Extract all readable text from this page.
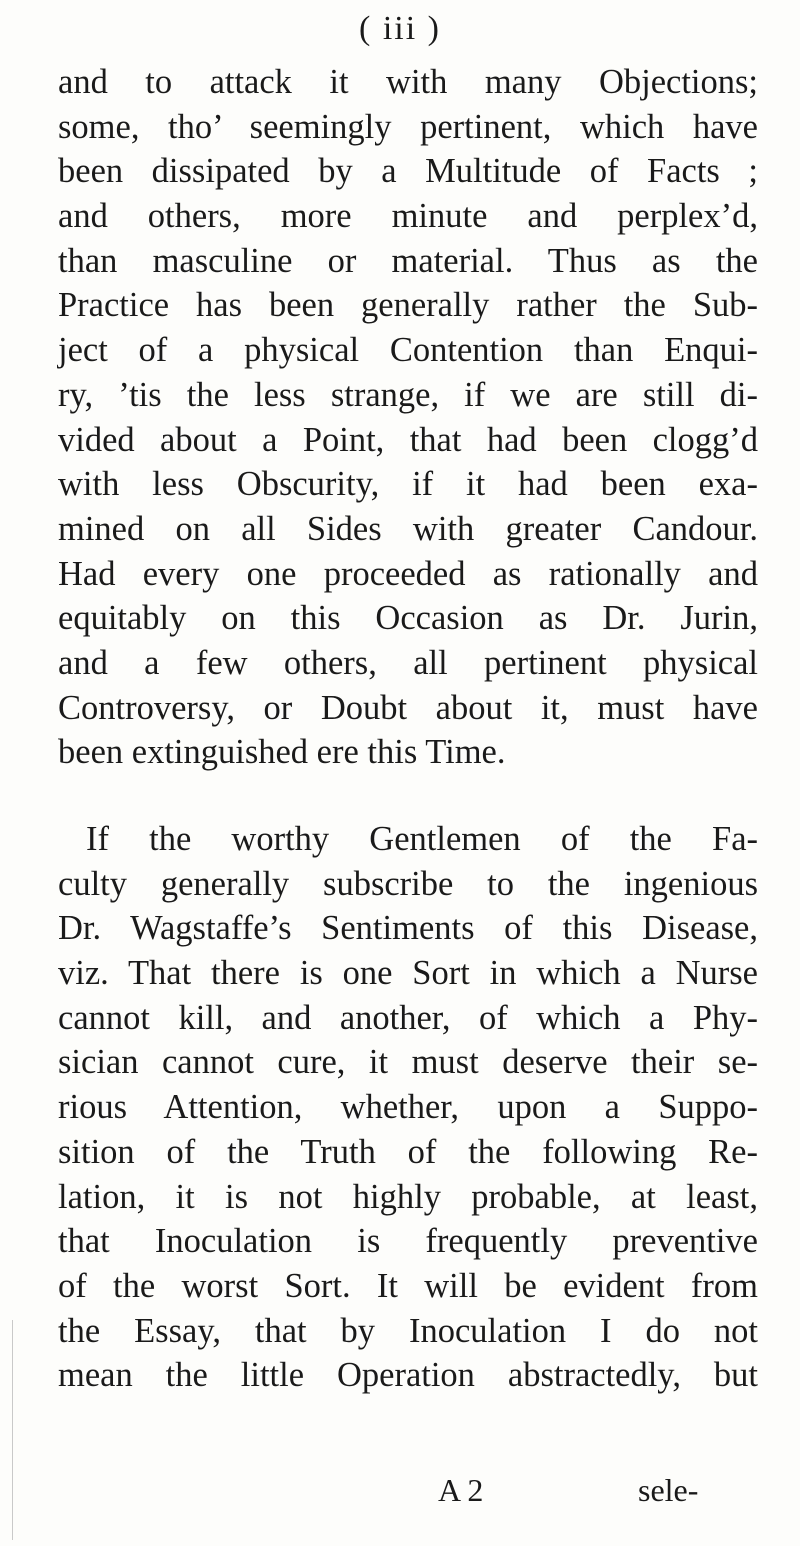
( iii )
and to attack it with many Objections;
some, tho’ seemingly pertinent, which have
been dissipated by a Multitude of Facts ;
and others, more minute and perplex’d,
than masculine or material. Thus as the
Practice has been generally rather the Sub-
ject of a physical Contention than Enqui-
ry, ’tis the less strange, if we are still di-
vided about a Point, that had been clogg’d
with less Obscurity, if it had been exa-
mined on all Sides with greater Candour.
Had every one proceeded as rationally and
equitably on this Occasion as Dr. Jurin,
and a few others, all pertinent physical
Controversy, or Doubt about it, must have
been extinguished ere this Time.
If the worthy Gentlemen of the Fa-
culty generally subscribe to the ingenious
Dr. Wagstaffe’s Sentiments of this Disease,
viz. That there is one Sort in which a Nurse
cannot kill, and another, of which a Phy-
sician cannot cure, it must deserve their se-
rious Attention, whether, upon a Suppo-
sition of the Truth of the following Re-
lation, it is not highly probable, at least,
that Inoculation is frequently preventive
of the worst Sort. It will be evident from
the Essay, that by Inoculation I do not
mean the little Operation abstractedly, but
A 2	sele-
